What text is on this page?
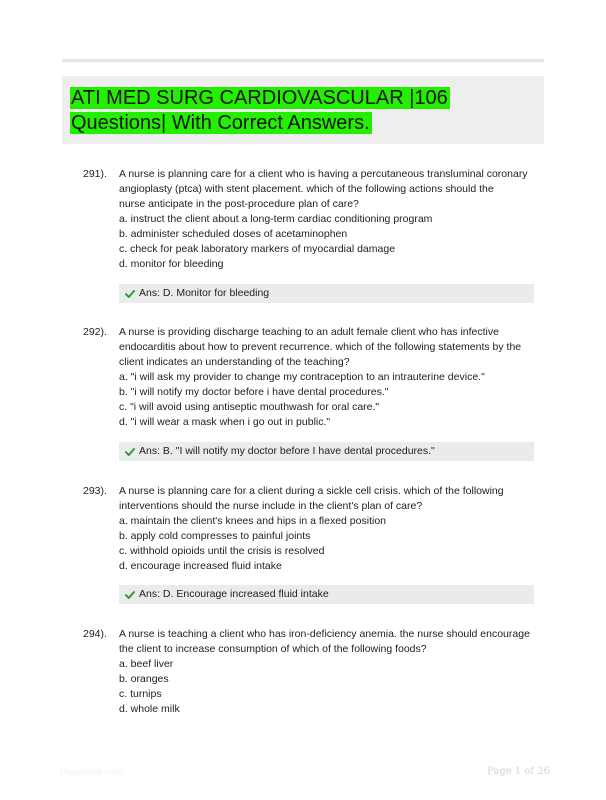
ATI MED SURG CARDIOVASCULAR |106
Questions| With Correct Answers.
291). A nurse is planning care for a client who is having a percutaneous transluminal coronary
angioplasty (ptca) with stent placement. which of the following actions should the
nurse anticipate in the post-procedure plan of care?
a. instruct the client about a long-term cardiac conditioning program
b. administer scheduled doses of acetaminophen
c. check for peak laboratory markers of myocardial damage
d. monitor for bleeding
Ans: D. Monitor for bleeding
292). A nurse is providing discharge teaching to an adult female client who has infective
endocarditis about how to prevent recurrence. which of the following statements by the
client indicates an understanding of the teaching?
a. "i will ask my provider to change my contraception to an intrauterine device."
b. "i will notify my doctor before i have dental procedures."
c. "i will avoid using antiseptic mouthwash for oral care."
d. "i will wear a mask when i go out in public."
Ans: B. "I will notify my doctor before I have dental procedures."
293). A nurse is planning care for a client during a sickle cell crisis. which of the following
interventions should the nurse include in the client's plan of care?
a. maintain the client's knees and hips in a flexed position
b. apply cold compresses to painful joints
c. withhold opioids until the crisis is resolved
d. encourage increased fluid intake
Ans: D. Encourage increased fluid intake
294). A nurse is teaching a client who has iron-deficiency anemia. the nurse should encourage
the client to increase consumption of which of the following foods?
a. beef liver
b. oranges
c. turnips
d. whole milk
Paperbible.com	Page 1 of 26
